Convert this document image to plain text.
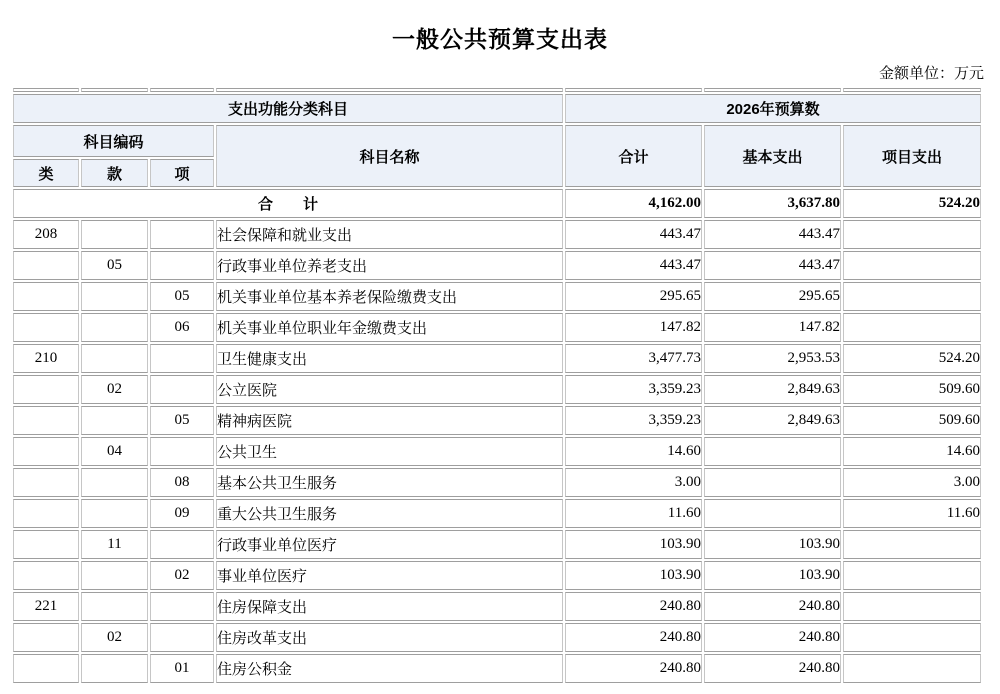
一般公共预算支出表
金额单位：万元

支出功能分类科目				2026年预算数		
科目编码			科目名称	合计	基本支出	项目支出
类	款	项				
合　　计				4,162.00	3,637.80	524.20
208			社会保障和就业支出	443.47	443.47	
	05		行政事业单位养老支出	443.47	443.47	
		05	机关事业单位基本养老保险缴费支出	295.65	295.65	
		06	机关事业单位职业年金缴费支出	147.82	147.82	
210			卫生健康支出	3,477.73	2,953.53	524.20
	02		公立医院	3,359.23	2,849.63	509.60
		05	精神病医院	3,359.23	2,849.63	509.60
	04		公共卫生	14.60		14.60
		08	基本公共卫生服务	3.00		3.00
		09	重大公共卫生服务	11.60		11.60
	11		行政事业单位医疗	103.90	103.90	
		02	事业单位医疗	103.90	103.90	
221			住房保障支出	240.80	240.80	
	02		住房改革支出	240.80	240.80	
		01	住房公积金	240.80	240.80	
